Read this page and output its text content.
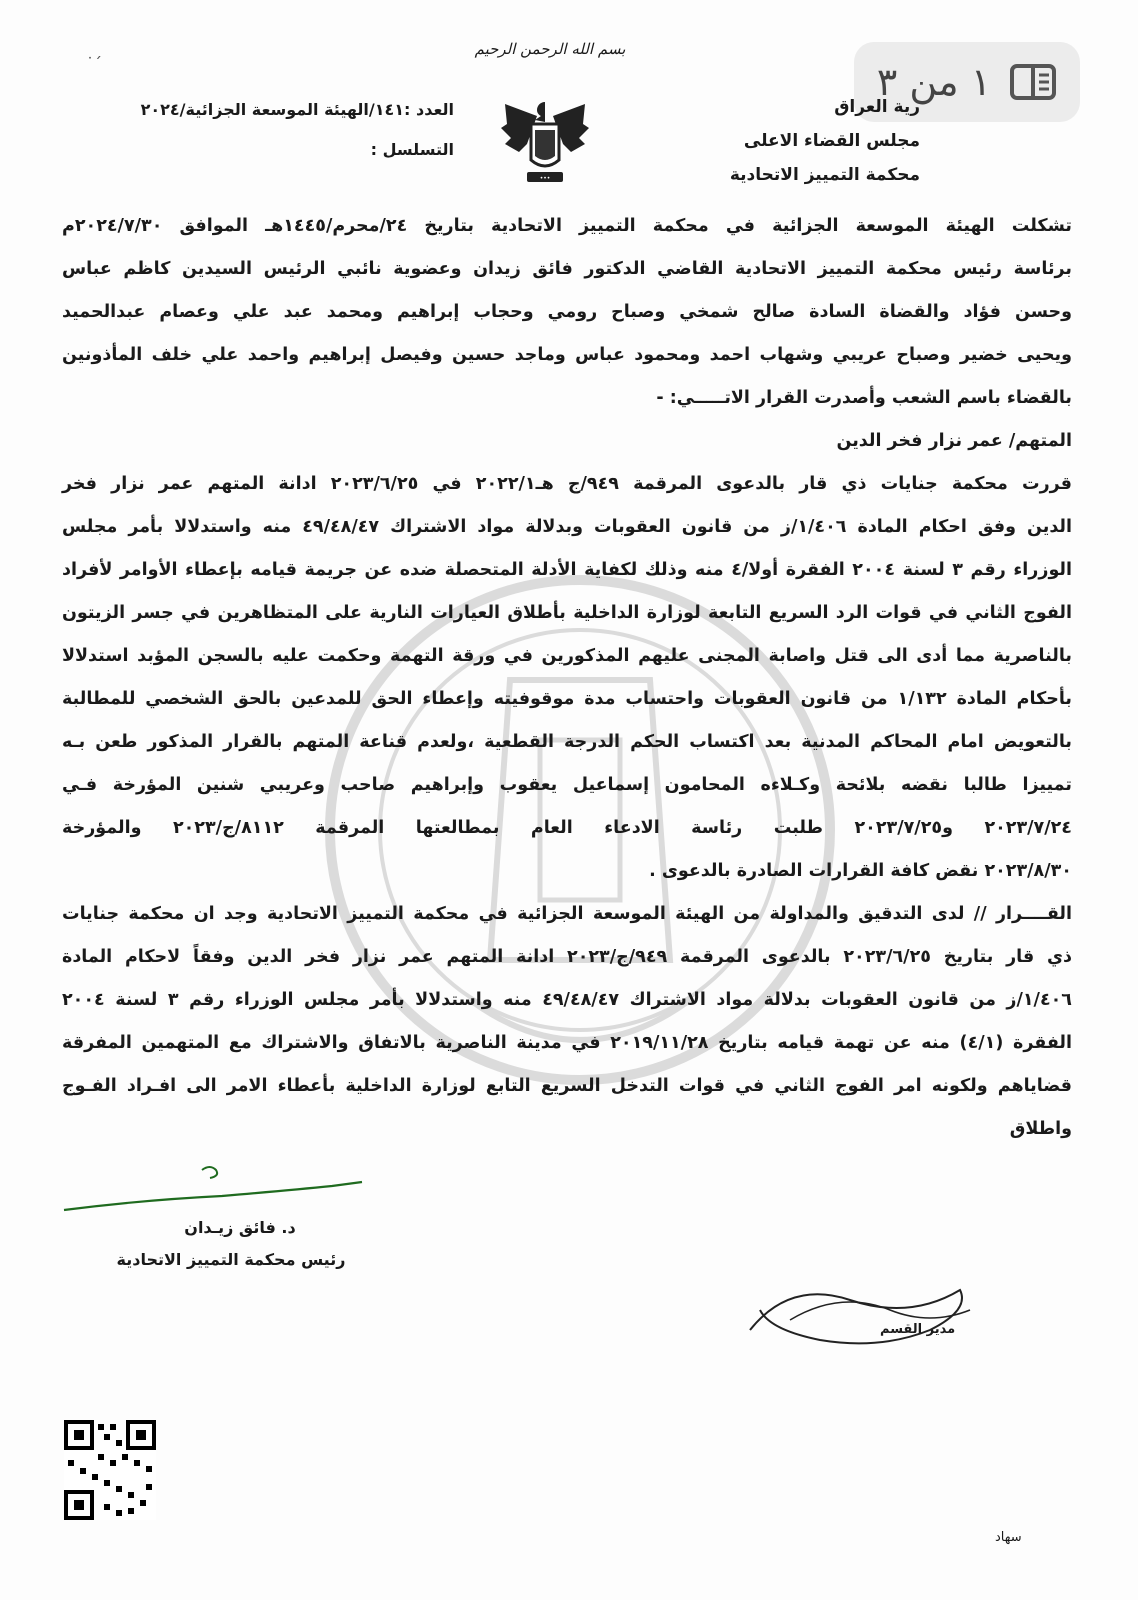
١ من ٣
بسم الله الرحمن الرحيم
˙´
رية العراق
مجلس القضاء الاعلى
محكمة التمييز الاتحادية
العدد :١٤١/الهيئة الموسعة الجزائية/٢٠٢٤
التسلسل :
•••
تشكلت الهيئة الموسعة الجزائية في محكمة التمييز الاتحادية بتاريخ ٢٤/محرم/١٤٤٥هـ الموافق ٢٠٢٤/٧/٣٠م
برئاسة رئيس محكمة التمييز الاتحادية القاضي الدكتور فائق زيدان وعضوية نائبي الرئيس السيدين كاظم عباس
وحسن فؤاد والقضاة السادة صالح شمخي وصباح رومي وحجاب إبراهيم ومحمد عبد علي وعصام عبدالحميد
ويحيى خضير وصباح عريبي وشهاب احمد ومحمود عباس وماجد حسين وفيصل إبراهيم واحمد علي خلف المأذونين
بالقضاء باسم الشعب وأصدرت القرار الاتـــــي: -
المتهم/ عمر نزار فخر الدين
قررت محكمة جنايات ذي قار بالدعوى المرقمة ٩٤٩/ج هـ٢٠٢٢/١ في ٢٠٢٣/٦/٢٥ ادانة المتهم عمر نزار فخر
الدين وفق احكام المادة ١/٤٠٦/ز من قانون العقوبات وبدلالة مواد الاشتراك ٤٩/٤٨/٤٧ منه واستدلالا بأمر مجلس
الوزراء رقم ٣ لسنة ٢٠٠٤ الفقرة أولا/٤ منه وذلك لكفاية الأدلة المتحصلة ضده عن جريمة قيامه بإعطاء الأوامر لأفراد
الفوج الثاني في قوات الرد السريع التابعة لوزارة الداخلية بأطلاق العيارات النارية على المتظاهرين في جسر الزيتون
بالناصرية مما أدى الى قتل واصابة المجنى عليهم المذكورين في ورقة التهمة وحكمت عليه بالسجن المؤبد استدلالا
بأحكام المادة ١/١٣٢ من قانون العقوبات واحتساب مدة موقوفيته وإعطاء الحق للمدعين بالحق الشخصي للمطالبة
بالتعويض امام المحاكم المدنية بعد اكتساب الحكم الدرجة القطعية ،ولعدم قناعة المتهم بالقرار المذكور طعن بـه
تمييزا طالبا نقضه بلائحة وكـلاءه المحامون إسماعيل يعقوب وإبراهيم صاحب وعريبي شنين المؤرخة فـي
٢٠٢٣/٧/٢٤ و٢٠٢٣/٧/٢٥ طلبت رئاسة الادعاء العام بمطالعتها المرقمة ٨١١٢/ج/٢٠٢٣ والمؤرخة
٢٠٢٣/٨/٣٠ نقض كافة القرارات الصادرة بالدعوى .
القــــرار // لدى التدقيق والمداولة من الهيئة الموسعة الجزائية في محكمة التمييز الاتحادية وجد ان محكمة جنايات
ذي قار بتاريخ ٢٠٢٣/٦/٢٥ بالدعوى المرقمة ٩٤٩/ج/٢٠٢٣ ادانة المتهم عمر نزار فخر الدين وفقاً لاحكام المادة
١/٤٠٦/ز من قانون العقوبات بدلالة مواد الاشتراك ٤٩/٤٨/٤٧ منه واستدلالا بأمر مجلس الوزراء رقم ٣ لسنة ٢٠٠٤
الفقرة (٤/١) منه عن تهمة قيامه بتاريخ ٢٠١٩/١١/٢٨ في مدينة الناصرية بالاتفاق والاشتراك مع المتهمين المفرقة
قضاياهم ولكونه امر الفوج الثاني في قوات التدخل السريع التابع لوزارة الداخلية بأعطاء الامر الى افـراد الفـوج واطلاق
د. فائق زيـدان
رئيس محكمة التمييز الاتحادية
مدير القسم
سهاد
